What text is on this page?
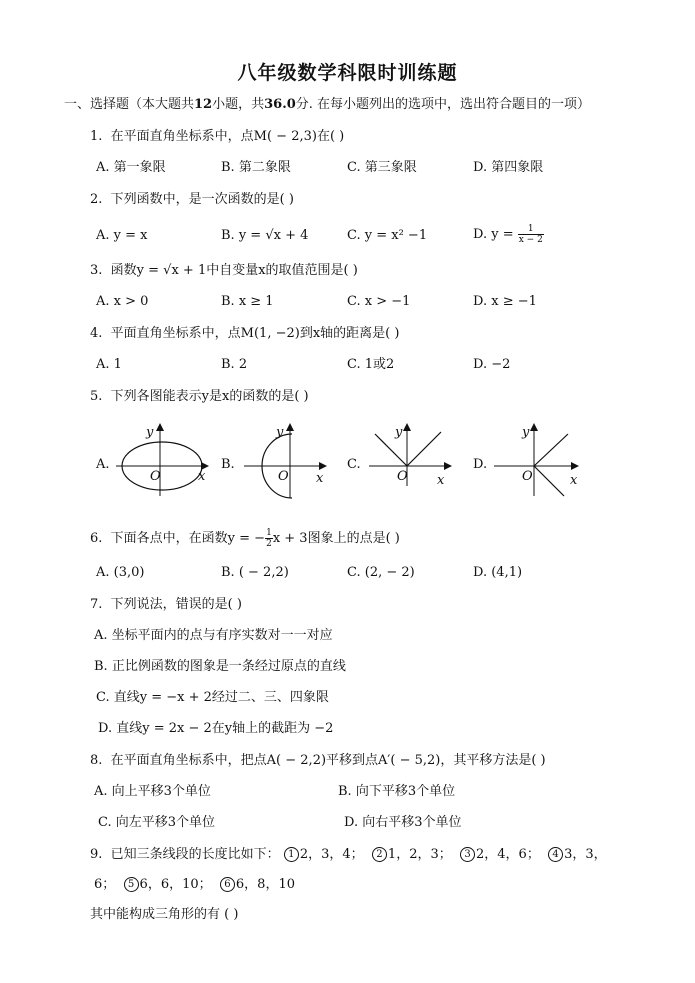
八年级数学科限时训练题
一、选择题（本大题共12小题，共36.0分. 在每小题列出的选项中，选出符合题目的一项）
1. 在平面直角坐标系中，点M( − 2,3)在( )
A. 第一象限	B. 第二象限	C. 第三象限	D. 第四象限
2. 下列函数中，是一次函数的是( )
A. y = x	B. y = √x + 4	C. y = x² −1	D. $y = \frac{1}{x - 2}$
3. 函数y = √x + 1中自变量x的取值范围是( )
A. x > 0	B. x ≥ 1	C. x > −1	D. x ≥ −1
4. 平面直角坐标系中，点M(1, −2)到x轴的距离是( )
A. 1	B. 2	C. 1或2	D. −2
5. 下列各图能表示y是x的函数的是( )
A.	B.	C.	D.
y
O	x
y
O x
y
O x
y
O	x
6. 下面各点中，在函数y = − $\frac{1}{2}$ x + 3图象上的点是( )
A. (3,0)	B. ( − 2,2)	C. (2, − 2)	D. (4,1)
7. 下列说法，错误的是( )
A. 坐标平面内的点与有序实数对一一对应
B. 正比例函数的图象是一条经过原点的直线
C. 直线y = −x + 2经过二、三、四象限
D. 直线y = 2x − 2在y轴上的截距为 −2
8. 在平面直角坐标系中，把点A( − 2,2)平移到点A′( − 5,2)，其平移方法是( )
A. 向上平移3个单位	B. 向下平移3个单位
C. 向左平移3个单位	D. 向右平移3个单位
9. 已知三条线段的长度比如下： 1 2，3，4； 2 1，2，3； 3 2，4，6； 4 3，3，
6； 5 6，6，10； 6 6，8，10
其中能构成三角形的有 ( )
